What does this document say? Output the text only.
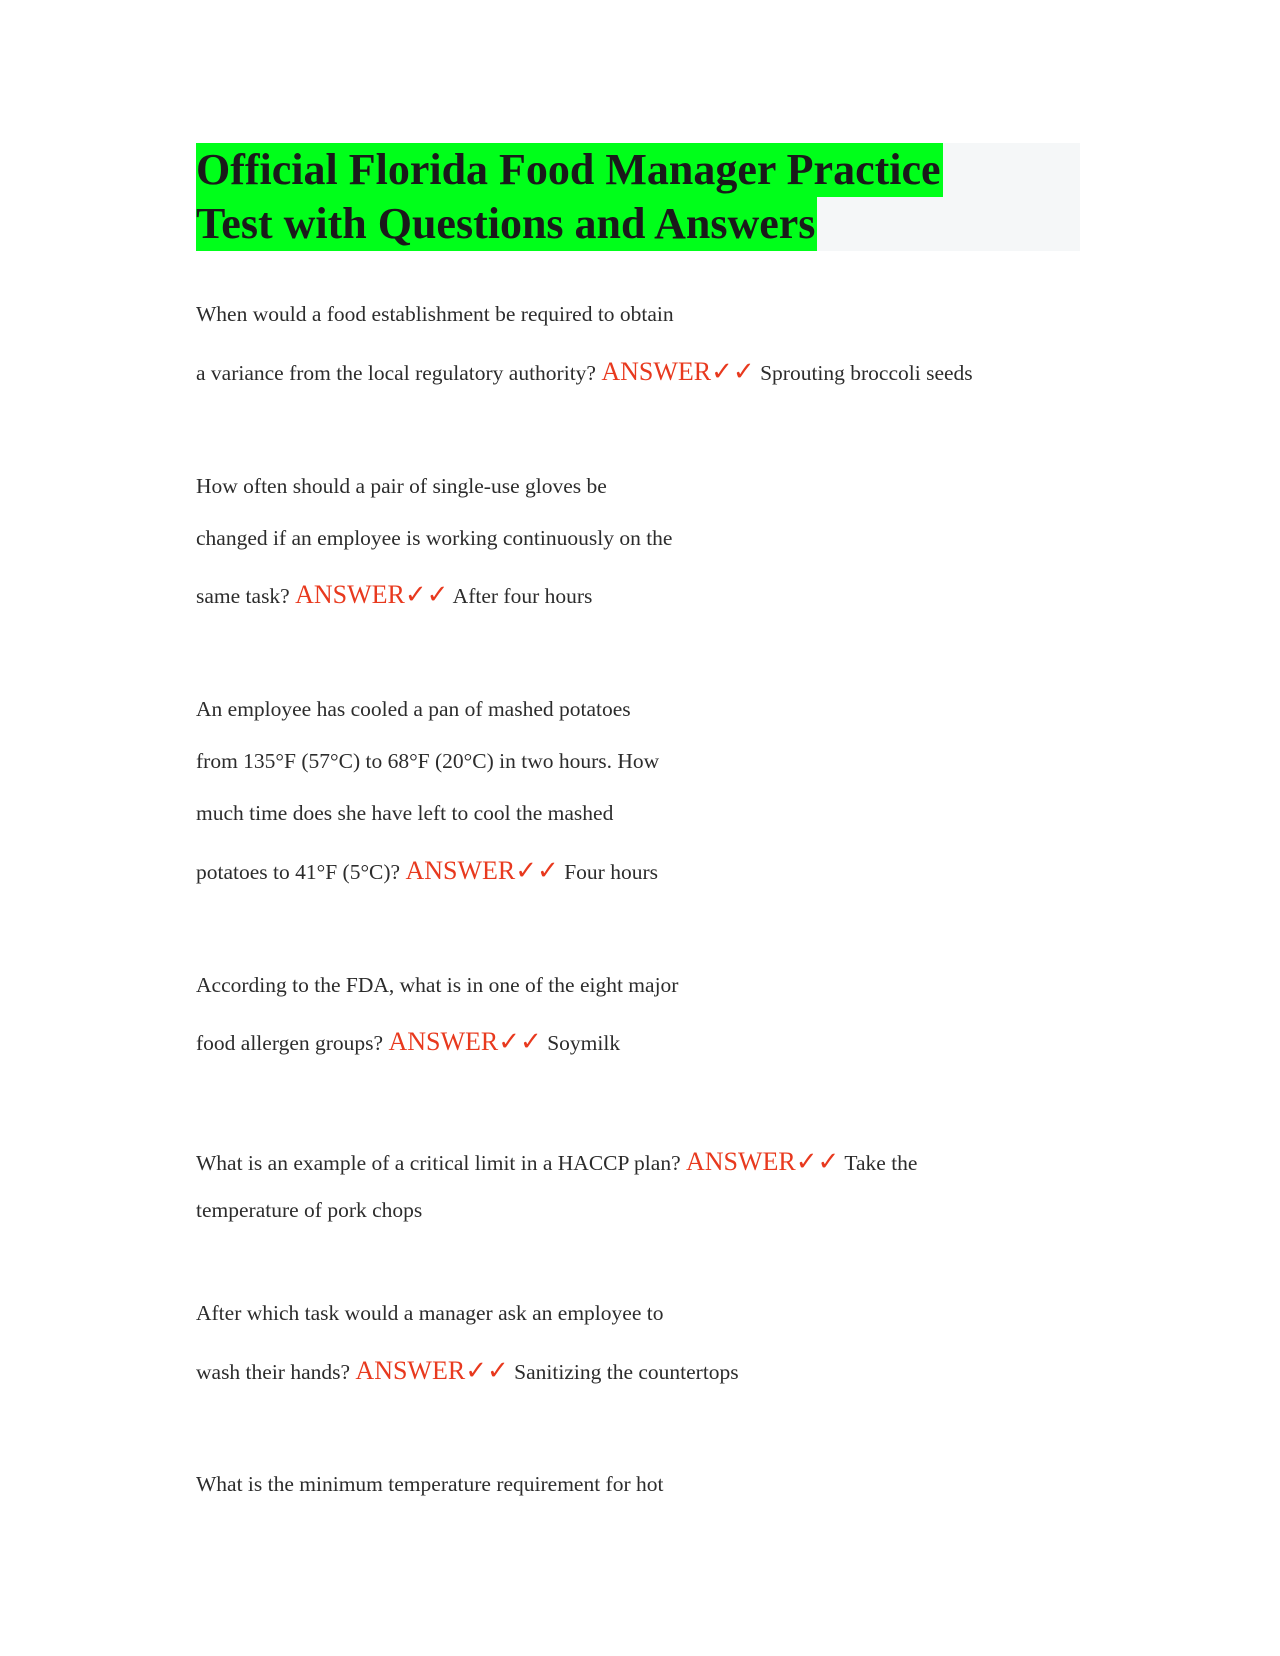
Official Florida Food Manager Practice
Test with Questions and Answers
When would a food establishment be required to obtain
a variance from the local regulatory authority? ANSWER✓✓ Sprouting broccoli seeds
How often should a pair of single-use gloves be
changed if an employee is working continuously on the
same task? ANSWER✓✓ After four hours
An employee has cooled a pan of mashed potatoes
from 135°F (57°C) to 68°F (20°C) in two hours. How
much time does she have left to cool the mashed
potatoes to 41°F (5°C)? ANSWER✓✓ Four hours
According to the FDA, what is in one of the eight major
food allergen groups? ANSWER✓✓ Soymilk
What is an example of a critical limit in a HACCP plan? ANSWER✓✓ Take the
temperature of pork chops
After which task would a manager ask an employee to
wash their hands? ANSWER✓✓ Sanitizing the countertops
What is the minimum temperature requirement for hot
